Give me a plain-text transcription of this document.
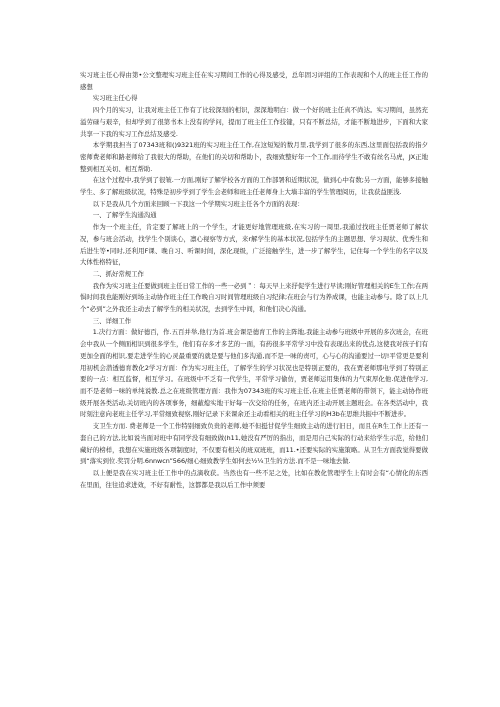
实习班主任心得由第•公文整理实习班主任在实习期间工作的心得及感受，总年固习评组的工作表现和个人的班主任工作的感想

实习班主任心得

四个月的实习，让我对班主任工作有了比较深刻的相识，深深地明白：做一个好的班主任真不尚达。实习期间，虽然充溢劳碌与艰辛，但却学到了很第书本上没有的学问，提而了班主任工作技键，只有不断总结，才能不断地进步，下面和大家共享一下我的实习工作总结及感受.

本学期我担当了07343班和()9321班的实习班主任工作,在这短短的数月里,我学到了很多的东西,这里面包括我的指夕密师费老师和路老师给了我很大的帮助，在他们的关切和帮助卜，我细致整好年一个工作,而待学生不敢有丝名马虎，JX正地整到相互关切、相互帮助.

在这个过程中,我学到了很皱.一方面,刚好了解学校各方面的工作部署和近期状况，做到心中有数;另一方面，能够多接触学生、多了解班级状况，特殊是初步学到了学生会老师和班主任老师身上大墙丰富的学生管理阅历，让我获益匪浅.

以下是我从几个方面来回顾一下我这一个学期实习班主任各个方面的表现：

一、了解学生沟通沟通

作为一个班主任，肯定要了解班上的一个学生，才能更好地管理班级,在实习的一周里,我通过找班主任贾老师了解状况，参与班会活动，找学生个别谈心，凛心视察等方式，来r解学生的基本状况,包括学生的主题思想、学习现状、优秀生和后进生等•同时,还利用F课、晚自习、听课时间，深化现级，广泛接触学生，进一步了解学生，记住每一个学生的名字以及大体性格特征，

二、抓好常规工作

我作为实习班主任要做到班主任日常工作的一些一必到＂：每天早上来抒促学生进行早读;刚好管理相关的E生工作;在两惧时间我也能刚好到场主动协作班主任工作晚自习时间管理班级自习纪律;在班会与行为养成课，也能主动参与。除了以上几个“必到”之外我还主动去了解学生的相关状况，去到学生中间，和他们决心沟通。

三、详细工作

1.决行方面：做好德百，作.五百并举,他行为首.班会课是德育工作的主阵地,我能主动参与班级中开展的多次班会，在班会中我从一个侧面相识到很多学生，他们有存多才多艺的一面，有药很多平常学习中没有表现出来的优点,这使我对孩子们有更加全面的相识,要走进学生的心灵最重要的就是要与他们多沟通,而不是一味的责可，心与心的沟通要过一切!平常更是要利用初机会潜透德育教化2学习方面：作为实习班主任，了解学生的学习状况也是特别正要的，我在贾老师那电学到了特别正要的一点：相互监督，相互学习。在班级中不乏有一代学生，平常学习偷仿，贾老师运用集体的力气束厚化他.促进他学习,而不是老师一味的单纯说教.总之在班级管理方面：我作为07343班的实习班主任,在班主任贾老师的带领下，能主动协作班级开展各类活动,关切班内的各项事务，细蔽熄实地干好每一次交给的任务，在班内还主动开展主题班会。在各类活动中，我时刻注意向老班主任学习,平常细致视察,刚好记录下来课余还主动看相关的班主任学习的H3b在思维共振中不断进步。

支卫生方而. 费老师是一个工作特别细致负贵的老师,她不但挺甘促学生细致主动的进行旧日，而且在R生工作上还有一套自己的方法,比如说当面对班中有同学没有细致做(h11,她没有严厉的指出，而是用自己实际的行动来给学生示范，给他们藏好的榜样，我想在实施班级各项制度时，不仅要有相关的班双班班，而11.•还要实际的实施策略。从卫生方面我觉得要做到“落实到位.奖罚分明.6nnwcn”566/细心细致教学生如何去½¼卫生的方法.而不是一味地去做.

以上便是我在实习班主任工作中的点滴收获。当然也有一些不足之处，比如在教化管理学生上有时会有“心情化的东西在里面，往往追求进效，不好有耐性，这都都是我以后工作中须要
